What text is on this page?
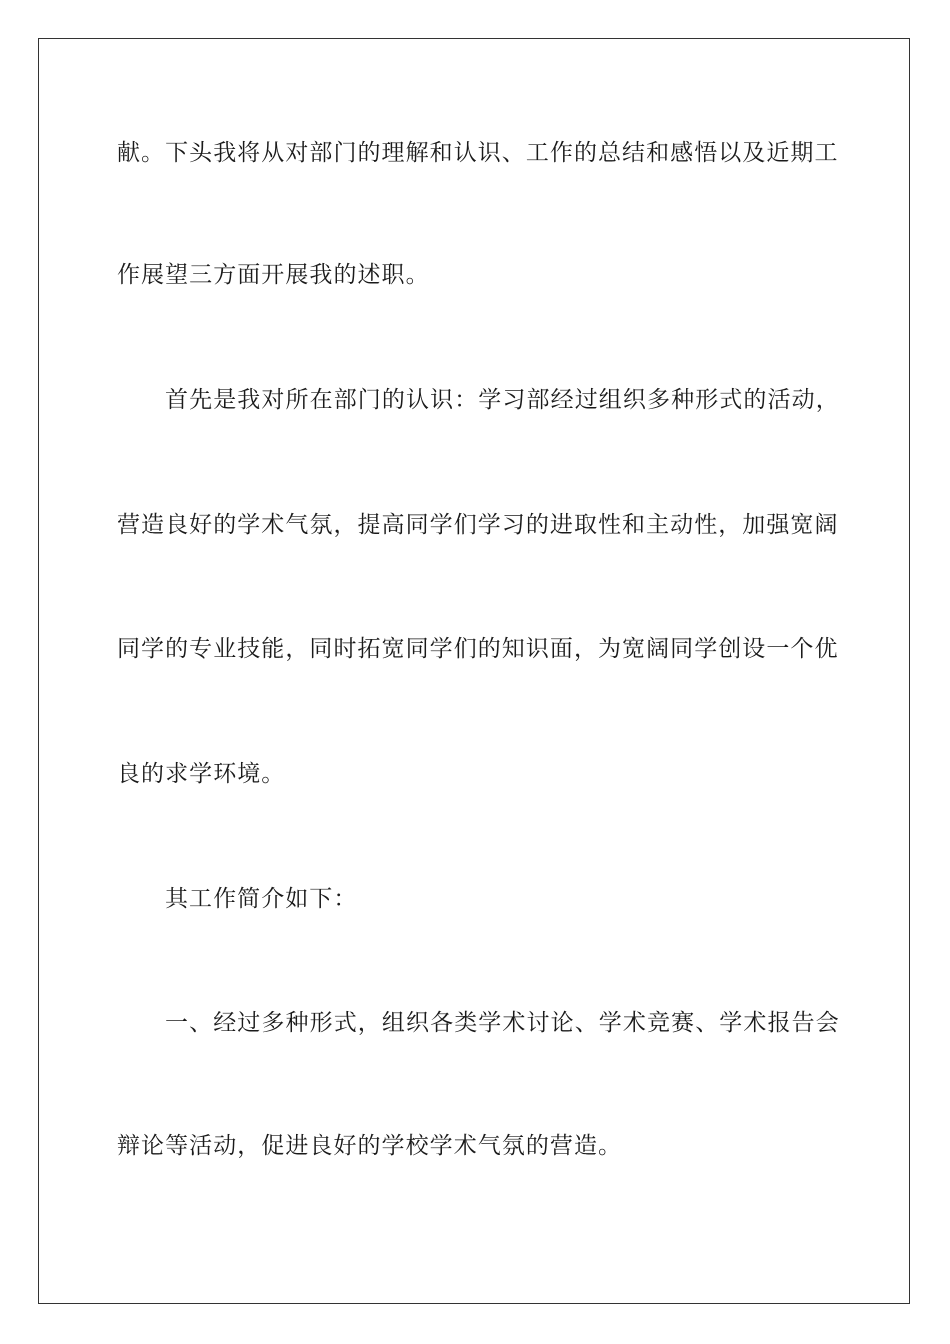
献。下头我将从对部门的理解和认识、工作的总结和感悟以及近期工
作展望三方面开展我的述职。
首先是我对所在部门的认识：学习部经过组织多种形式的活动，
营造良好的学术气氛，提高同学们学习的进取性和主动性，加强宽阔
同学的专业技能，同时拓宽同学们的知识面，为宽阔同学创设一个优
良的求学环境。
其工作简介如下：
一、经过多种形式，组织各类学术讨论、学术竞赛、学术报告会
辩论等活动，促进良好的学校学术气氛的营造。
